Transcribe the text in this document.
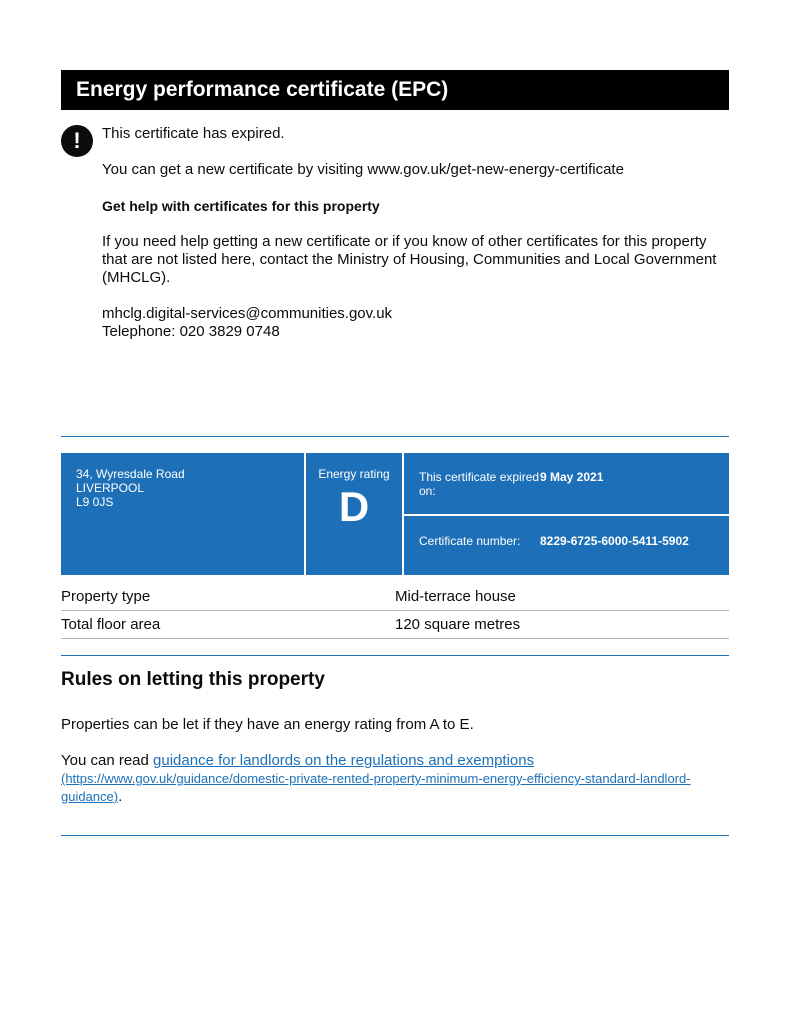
Energy performance certificate (EPC)
!	This certificate has expired.

You can get a new certificate by visiting www.gov.uk/get-new-energy-certificate

Get help with certificates for this property

If you need help getting a new certificate or if you know of other certificates for this property that are not listed here, contact the Ministry of Housing, Communities and Local Government (MHCLG).

mhclg.digital-services@communities.gov.uk

Telephone: 020 3829 0748

34, Wyresdale Road
LIVERPOOL
L9 0JS
Energy rating
D
This certificate expired on:
9 May 2021
Certificate number:	8229-6725-6000-5411-5902
Property type	Mid-terrace house
Total floor area	120 square metres
Rules on letting this property

Properties can be let if they have an energy rating from A to E.

You can read guidance for landlords on the regulations and exemptions
(https://www.gov.uk/guidance/domestic-private-rented-property-minimum-energy-efficiency-standard-landlord-guidance).
